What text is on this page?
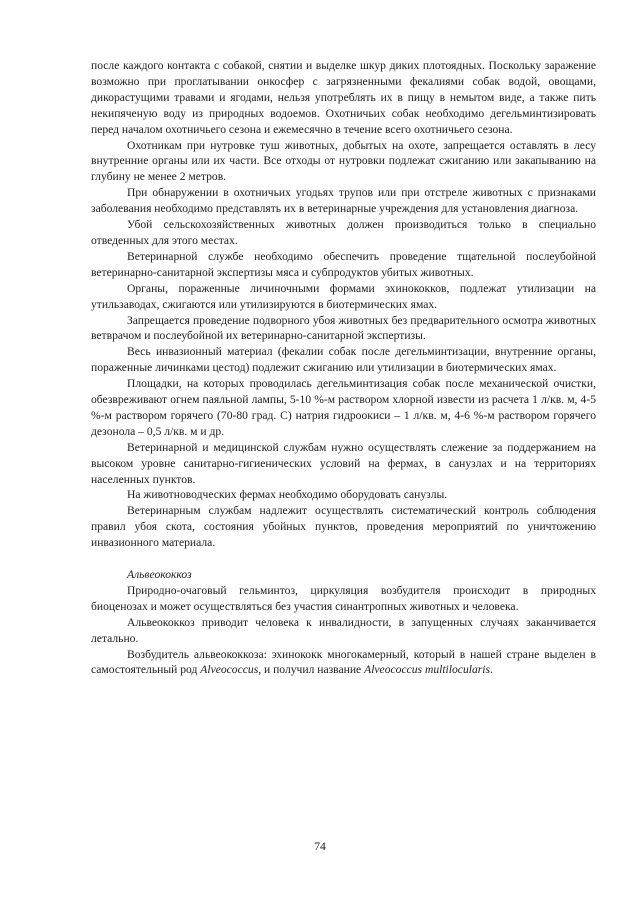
после каждого контакта с собакой, снятии и выделке шкур диких плотоядных. Поскольку заражение возможно при проглатывании онкосфер с загрязненными фекалиями собак водой, овощами, дикорастущими травами и ягодами, нельзя употреблять их в пищу в немытом виде, а также пить некипяченую воду из природных водоемов. Охотничьих собак необходимо дегельминтизировать перед началом охотничьего сезона и ежемесячно в течение всего охотничьего сезона.

Охотникам при нутровке туш животных, добытых на охоте, запрещается оставлять в лесу внутренние органы или их части. Все отходы от нутровки подлежат сжиганию или закапыванию на глубину не менее 2 метров.

При обнаружении в охотничьих угодьях трупов или при отстреле животных с признаками заболевания необходимо представлять их в ветеринарные учреждения для установления диагноза.

Убой сельскохозяйственных животных должен производиться только в специально отведенных для этого местах.

Ветеринарной службе необходимо обеспечить проведение тщательной послеубойной ветеринарно-санитарной экспертизы мяса и субпродуктов убитых животных.

Органы, пораженные личиночными формами эхинококков, подлежат утилизации на утильзаводах, сжигаются или утилизируются в биотермических ямах.

Запрещается проведение подворного убоя животных без предварительного осмотра животных ветврачом и послеубойной их ветеринарно-санитарной экспертизы.

Весь инвазионный материал (фекалии собак после дегельминтизации, внутренние органы, пораженные личинками цестод) подлежит сжиганию или утилизации в биотермических ямах.

Площадки, на которых проводилась дегельминтизация собак после механической очистки, обезвреживают огнем паяльной лампы, 5-10 %-м раствором хлорной извести из расчета 1 л/кв. м, 4-5 %-м раствором горячего (70-80 град. С) натрия гидроокиси – 1 л/кв. м, 4-6 %-м раствором горячего дезонола – 0,5 л/кв. м и др.

Ветеринарной и медицинской службам нужно осуществлять слежение за поддержанием на высоком уровне санитарно-гигиенических условий на фермах, в санузлах и на территориях населенных пунктов.

На животноводческих фермах необходимо оборудовать санузлы.

Ветеринарным службам надлежит осуществлять систематический контроль соблюдения правил убоя скота, состояния убойных пунктов, проведения мероприятий по уничтожению инвазионного материала.

Альвеококкоз

Природно-очаговый гельминтоз, циркуляция возбудителя происходит в природных биоценозах и может осуществляться без участия синантропных животных и человека.

Альвеококкоз приводит человека к инвалидности, в запущенных случаях заканчивается летально.

Возбудитель альвеококкоза: эхинококк многокамерный, который в нашей стране выделен в самостоятельный род Alveococcus, и получил название Alveococcus multilocularis.

74
